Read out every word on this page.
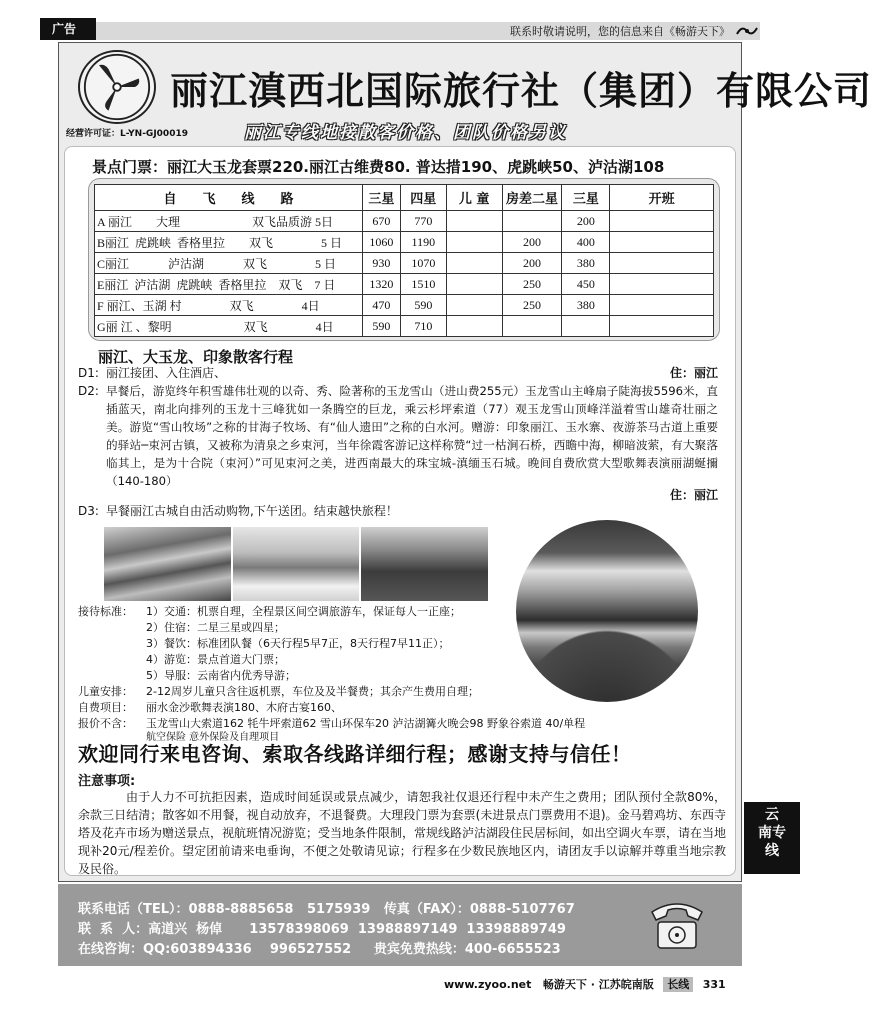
广告	联系时敬请说明，您的信息来自《畅游天下》
丽江滇西北国际旅行社（集团）有限公司
经营许可证：L-YN-GJ00019	丽江专线地接散客价格、团队价格另议
景点门票：丽江大玉龙套票220.丽江古维费80. 普达措190、虎跳峡50、泸沽湖108
自　　飞　　线　　路	三星	四星	儿 童	房差二星	三星	开班
A 丽江　　大理　　　　　　双飞品质游 5日	670	770			200	
B丽江  虎跳峡  香格里拉　　双飞　　　　5 日	1060	1190		200	400	
C丽江　　　 泸沽湖　　　 双飞　　　　5 日	930	1070		200	380	
E丽江  泸沽湖  虎跳峡  香格里拉　双飞　7 日	1320	1510		250	450	
F 丽江、玉湖 村　　　　双飞　　　　4日	470	590		250	380	
G丽 江 、黎明　　　　　　双飞　　　　4日	590	710				
丽江、大玉龙、印象散客行程
D1: 丽江接团、入住酒店、	住：丽江
D2: 早餐后，游览终年积雪雄伟壮观的以奇、秀、险著称的玉龙雪山（进山费255元）玉龙雪山主峰扇子陡海拔5596米，直插蓝天，南北向排列的玉龙十三峰犹如一条腾空的巨龙，乘云杉坪索道（77）观玉龙雪山顶峰洋溢着雪山雄奇壮丽之美。游览“雪山牧场”之称的甘海子牧场、有“仙人遗田”之称的白水河。赠游：印象丽江、玉水寨、夜游茶马古道上重要的驿站─束河古镇，又被称为清泉之乡束河，当年徐霞客游记这样称赞“过一枯涧石桥，西瞻中海，柳暗波萦，有大聚落临其上，是为十合院（束河）”可见束河之美，进西南最大的珠宝城-滇缅玉石城。晚间自费欣赏大型歌舞表演丽湖蜒擟（140-180）
住：丽江
D3: 早餐丽江古城自由活动购物,下午送团。结束越快旅程！
接待标准： 1）交通：机票自理，全程景区间空调旅游车，保证每人一正座；
2）住宿：二星三星或四星；
3）餐饮：标准团队餐（6天行程5早7正，8天行程7早11正）；
4）游览：景点首道大门票；
5）导服：云南省内优秀导游；
儿童安排： 2-12周岁儿童只含往返机票，车位及及半餐费；其余产生费用自理；
自费项目： 丽水金沙歌舞表演180、木府古宴160、
报价不含： 玉龙雪山大索道162 牦牛坪索道62 雪山环保车20 泸沽湖篝火晚会98 野象谷索道 40/单程
航空保险 意外保险及自理项目
欢迎同行来电咨询、索取各线路详细行程；感谢支持与信任！
注意事项:
由于人力不可抗拒因素，造成时间延误或景点减少，请恕我社仅退还行程中未产生之费用；团队预付全款80%，余款三日结清；散客如不用餐，视自动放弃，不退餐费。大理段门票为套票(未进景点门票费用不退)。金马碧鸡坊、东西寺塔及花卉市场为赠送景点，视航班情况游览；受当地条件限制，常规线路泸沽湖段住民居标间，如出空调火车票，请在当地现补20元/程差价。望定团前请来电垂询，不便之处敬请见谅；行程多在少数民族地区内，请团友手以谅解并尊重当地宗教及民俗。
联系电话（TEL）：0888-8885658   5175939   传真（FAX）：0888-5107767
联  系  人：高道兴  杨倬      13578398069  13988897149  13398889749
在线咨询：QQ:603894336    996527552     贵宾免费热线：400-6655523
云
南专
线
www.zyoo.net 畅游天下 · 江苏皖南版 长线 331
